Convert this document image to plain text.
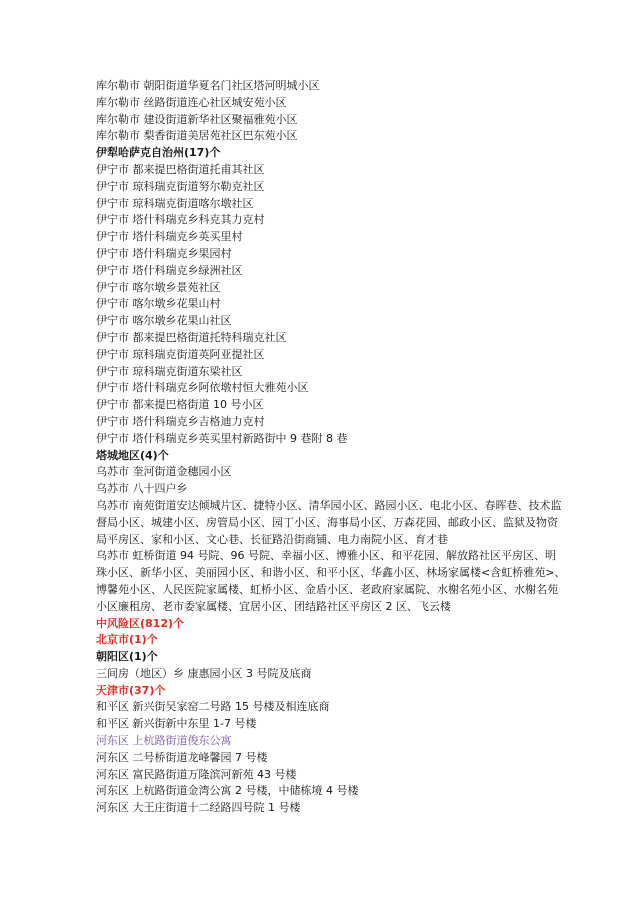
库尔勒市 朝阳街道华夏名门社区塔河明城小区
库尔勒市 丝路街道连心社区城安苑小区
库尔勒市 建设街道新华社区聚福雅苑小区
库尔勒市 梨香街道美居苑社区巴东苑小区
伊犁哈萨克自治州(17)个
伊宁市 都来提巴格街道托甫其社区
伊宁市 琼科瑞克街道努尔勒克社区
伊宁市 琼科瑞克街道喀尔墩社区
伊宁市 塔什科瑞克乡科克其力克村
伊宁市 塔什科瑞克乡英买里村
伊宁市 塔什科瑞克乡果园村
伊宁市 塔什科瑞克乡绿洲社区
伊宁市 喀尔墩乡景苑社区
伊宁市 喀尔墩乡花果山村
伊宁市 喀尔墩乡花果山社区
伊宁市 都来提巴格街道托特科瑞克社区
伊宁市 琼科瑞克街道英阿亚提社区
伊宁市 琼科瑞克街道东梁社区
伊宁市 塔什科瑞克乡阿依墩村恒大雅苑小区
伊宁市 都来提巴格街道 10 号小区
伊宁市 塔什科瑞克乡吉格迪力克村
伊宁市 塔什科瑞克乡英买里村新路街中 9 巷附 8 巷
塔城地区(4)个
乌苏市 奎河街道金穗园小区
乌苏市 八十四户乡
乌苏市 南苑街道安达倾城片区、捷特小区、清华园小区、路园小区、电北小区、春晖巷、技术监督局小区、城建小区、房管局小区、园丁小区、海事局小区、万森花园、邮政小区、监狱及物资局平房区、家和小区、文心巷、长征路沿街商铺、电力南院小区、育才巷
乌苏市 虹桥街道 94 号院、96 号院、幸福小区、博雅小区、和平花园、解放路社区平房区、明珠小区、新华小区、美丽园小区、和谐小区、和平小区、华鑫小区、林场家属楼<含虹桥雅苑>、博馨苑小区、人民医院家属楼、虹桥小区、金盾小区、老政府家属院、水榭名苑小区、水榭名苑小区廉租房、老市委家属楼、宜居小区、团结路社区平房区 2 区、飞云楼
中风险区(812)个
北京市(1)个
朝阳区(1)个
三间房（地区）乡 康惠园小区 3 号院及底商
天津市(37)个
和平区 新兴街吴家窑二号路 15 号楼及相连底商
和平区 新兴街新中东里 1-7 号楼
河东区 上杭路街道俊东公寓
河东区 二号桥街道龙峰馨园 7 号楼
河东区 富民路街道万隆滨河新苑 43 号楼
河东区 上杭路街道金湾公寓 2 号楼，中储栋境 4 号楼
河东区 大王庄街道十二经路四号院 1 号楼
